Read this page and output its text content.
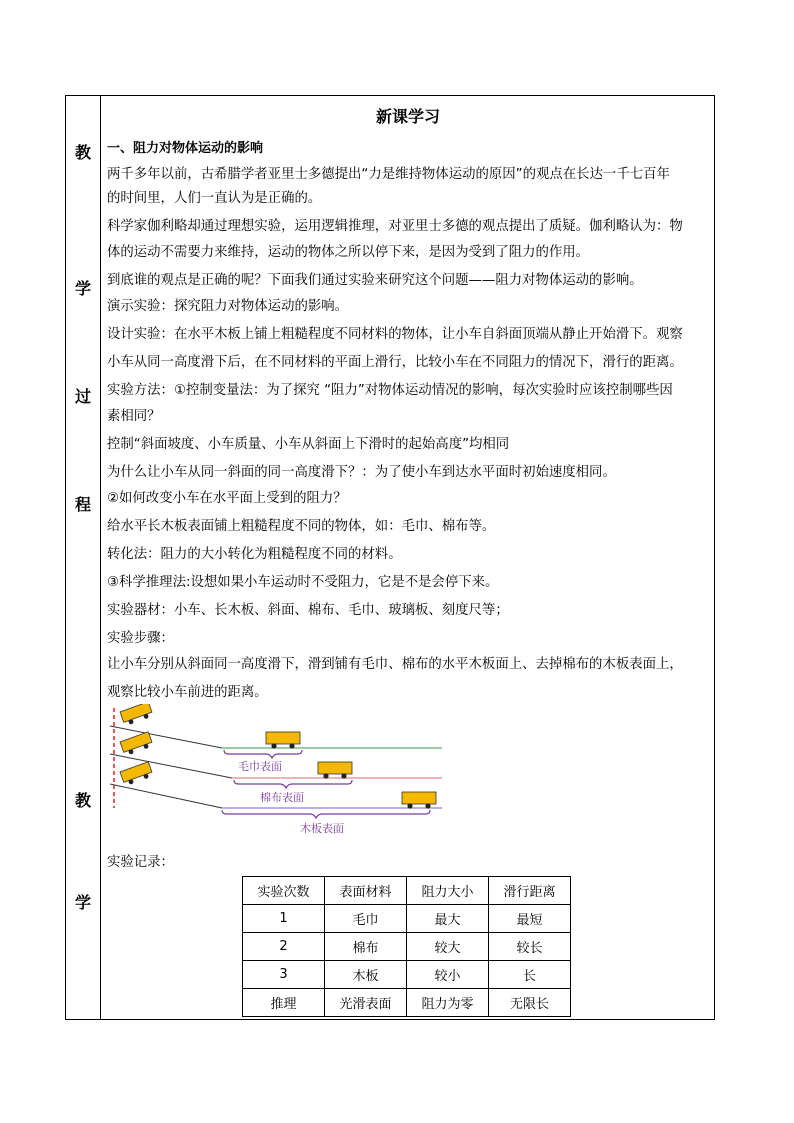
教
学
过
程
教
学
新课学习
一、阻力对物体运动的影响
两千多年以前，古希腊学者亚里士多德提出“力是维持物体运动的原因”的观点在长达一千七百年
的时间里，人们一直认为是正确的。
科学家伽利略却通过理想实验，运用逻辑推理，对亚里士多德的观点提出了质疑。伽利略认为：物
体的运动不需要力来维持，运动的物体之所以停下来，是因为受到了阻力的作用。
到底谁的观点是正确的呢？下面我们通过实验来研究这个问题——阻力对物体运动的影响。
演示实验：探究阻力对物体运动的影响。
设计实验：在水平木板上铺上粗糙程度不同材料的物体，让小车自斜面顶端从静止开始滑下。观察
小车从同一高度滑下后，在不同材料的平面上滑行，比较小车在不同阻力的情况下，滑行的距离。
实验方法：①控制变量法：为了探究 “阻力”对物体运动情况的影响，每次实验时应该控制哪些因
素相同？
控制“斜面坡度、小车质量、小车从斜面上下滑时的起始高度”均相同
为什么让小车从同一斜面的同一高度滑下？：为了使小车到达水平面时初始速度相同。
②如何改变小车在水平面上受到的阻力？
给水平长木板表面铺上粗糙程度不同的物体，如：毛巾、棉布等。
转化法：阻力的大小转化为粗糙程度不同的材料。
③科学推理法:设想如果小车运动时不受阻力，它是不是会停下来。
实验器材：小车、长木板、斜面、棉布、毛巾、玻璃板、刻度尺等；
实验步骤：
让小车分别从斜面同一高度滑下，滑到铺有毛巾、棉布的水平木板面上、去掉棉布的木板表面上，
观察比较小车前进的距离。
毛巾表面
棉布表面
木板表面
实验记录：
实验次数	表面材料	阻力大小	滑行距离
1	毛巾	最大	最短
2	棉布	较大	较长
3	木板	较小	长
推理	光滑表面	阻力为零	无限长
